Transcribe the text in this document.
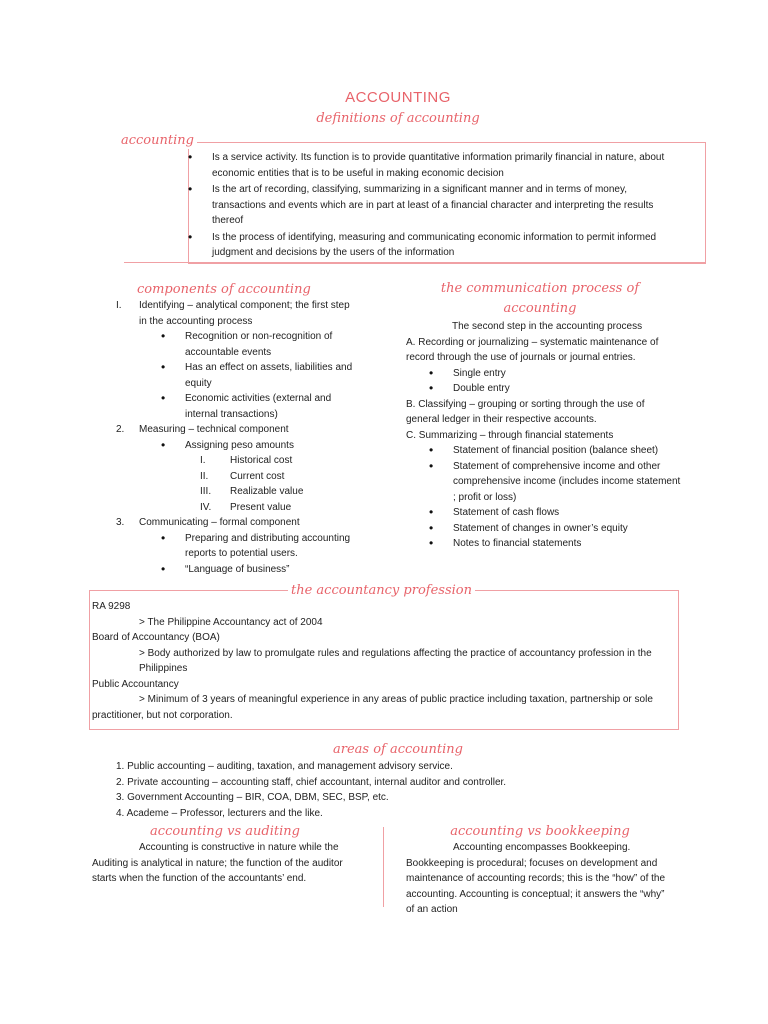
ACCOUNTING
definitions of accounting
accounting
• Is a service activity. Its function is to provide quantitative information primarily financial in nature, about
economic entities that is to be useful in making economic decision
• Is the art of recording, classifying, summarizing in a significant manner and in terms of money,
transactions and events which are in part at least of a financial character and interpreting the results
thereof
• Is the process of identifying, measuring and communicating economic information to permit informed
judgment and decisions by the users of the information
components of accounting
I.	Identifying – analytical component; the first step
in the accounting process
• Recognition or non-recognition of
accountable events
• Has an effect on assets, liabilities and
equity
• Economic activities (external and
internal transactions)
2.	Measuring – technical component
• Assigning peso amounts
I.	Historical cost
II.	Current cost
III.	Realizable value
IV.	Present value
3.	Communicating – formal component
• Preparing and distributing accounting
reports to potential users.
• “Language of business”
the communication process of
accounting
The second step in the accounting process
A. Recording or journalizing – systematic maintenance of
record through the use of journals or journal entries.
• Single entry
• Double entry
B. Classifying – grouping or sorting through the use of
general ledger in their respective accounts.
C. Summarizing – through financial statements
• Statement of financial position (balance sheet)
• Statement of comprehensive income and other
comprehensive income (includes income statement
; profit or loss)
• Statement of cash flows
• Statement of changes in owner’s equity
• Notes to financial statements
the accountancy profession
RA 9298
> The Philippine Accountancy act of 2004
Board of Accountancy (BOA)
> Body authorized by law to promulgate rules and regulations affecting the practice of accountancy profession in the
Philippines
Public Accountancy
> Minimum of 3 years of meaningful experience in any areas of public practice including taxation, partnership or sole
practitioner, but not corporation.
areas of accounting
1. Public accounting – auditing, taxation, and management advisory service.
2. Private accounting – accounting staff, chief accountant, internal auditor and controller.
3. Government Accounting – BIR, COA, DBM, SEC, BSP, etc.
4. Academe – Professor, lecturers and the like.
accounting vs auditing
Accounting is constructive in nature while the
Auditing is analytical in nature; the function of the auditor
starts when the function of the accountants’ end.
accounting vs bookkeeping
Accounting encompasses Bookkeeping.
Bookkeeping is procedural; focuses on development and
maintenance of accounting records; this is the “how” of the
accounting. Accounting is conceptual; it answers the “why”
of an action
